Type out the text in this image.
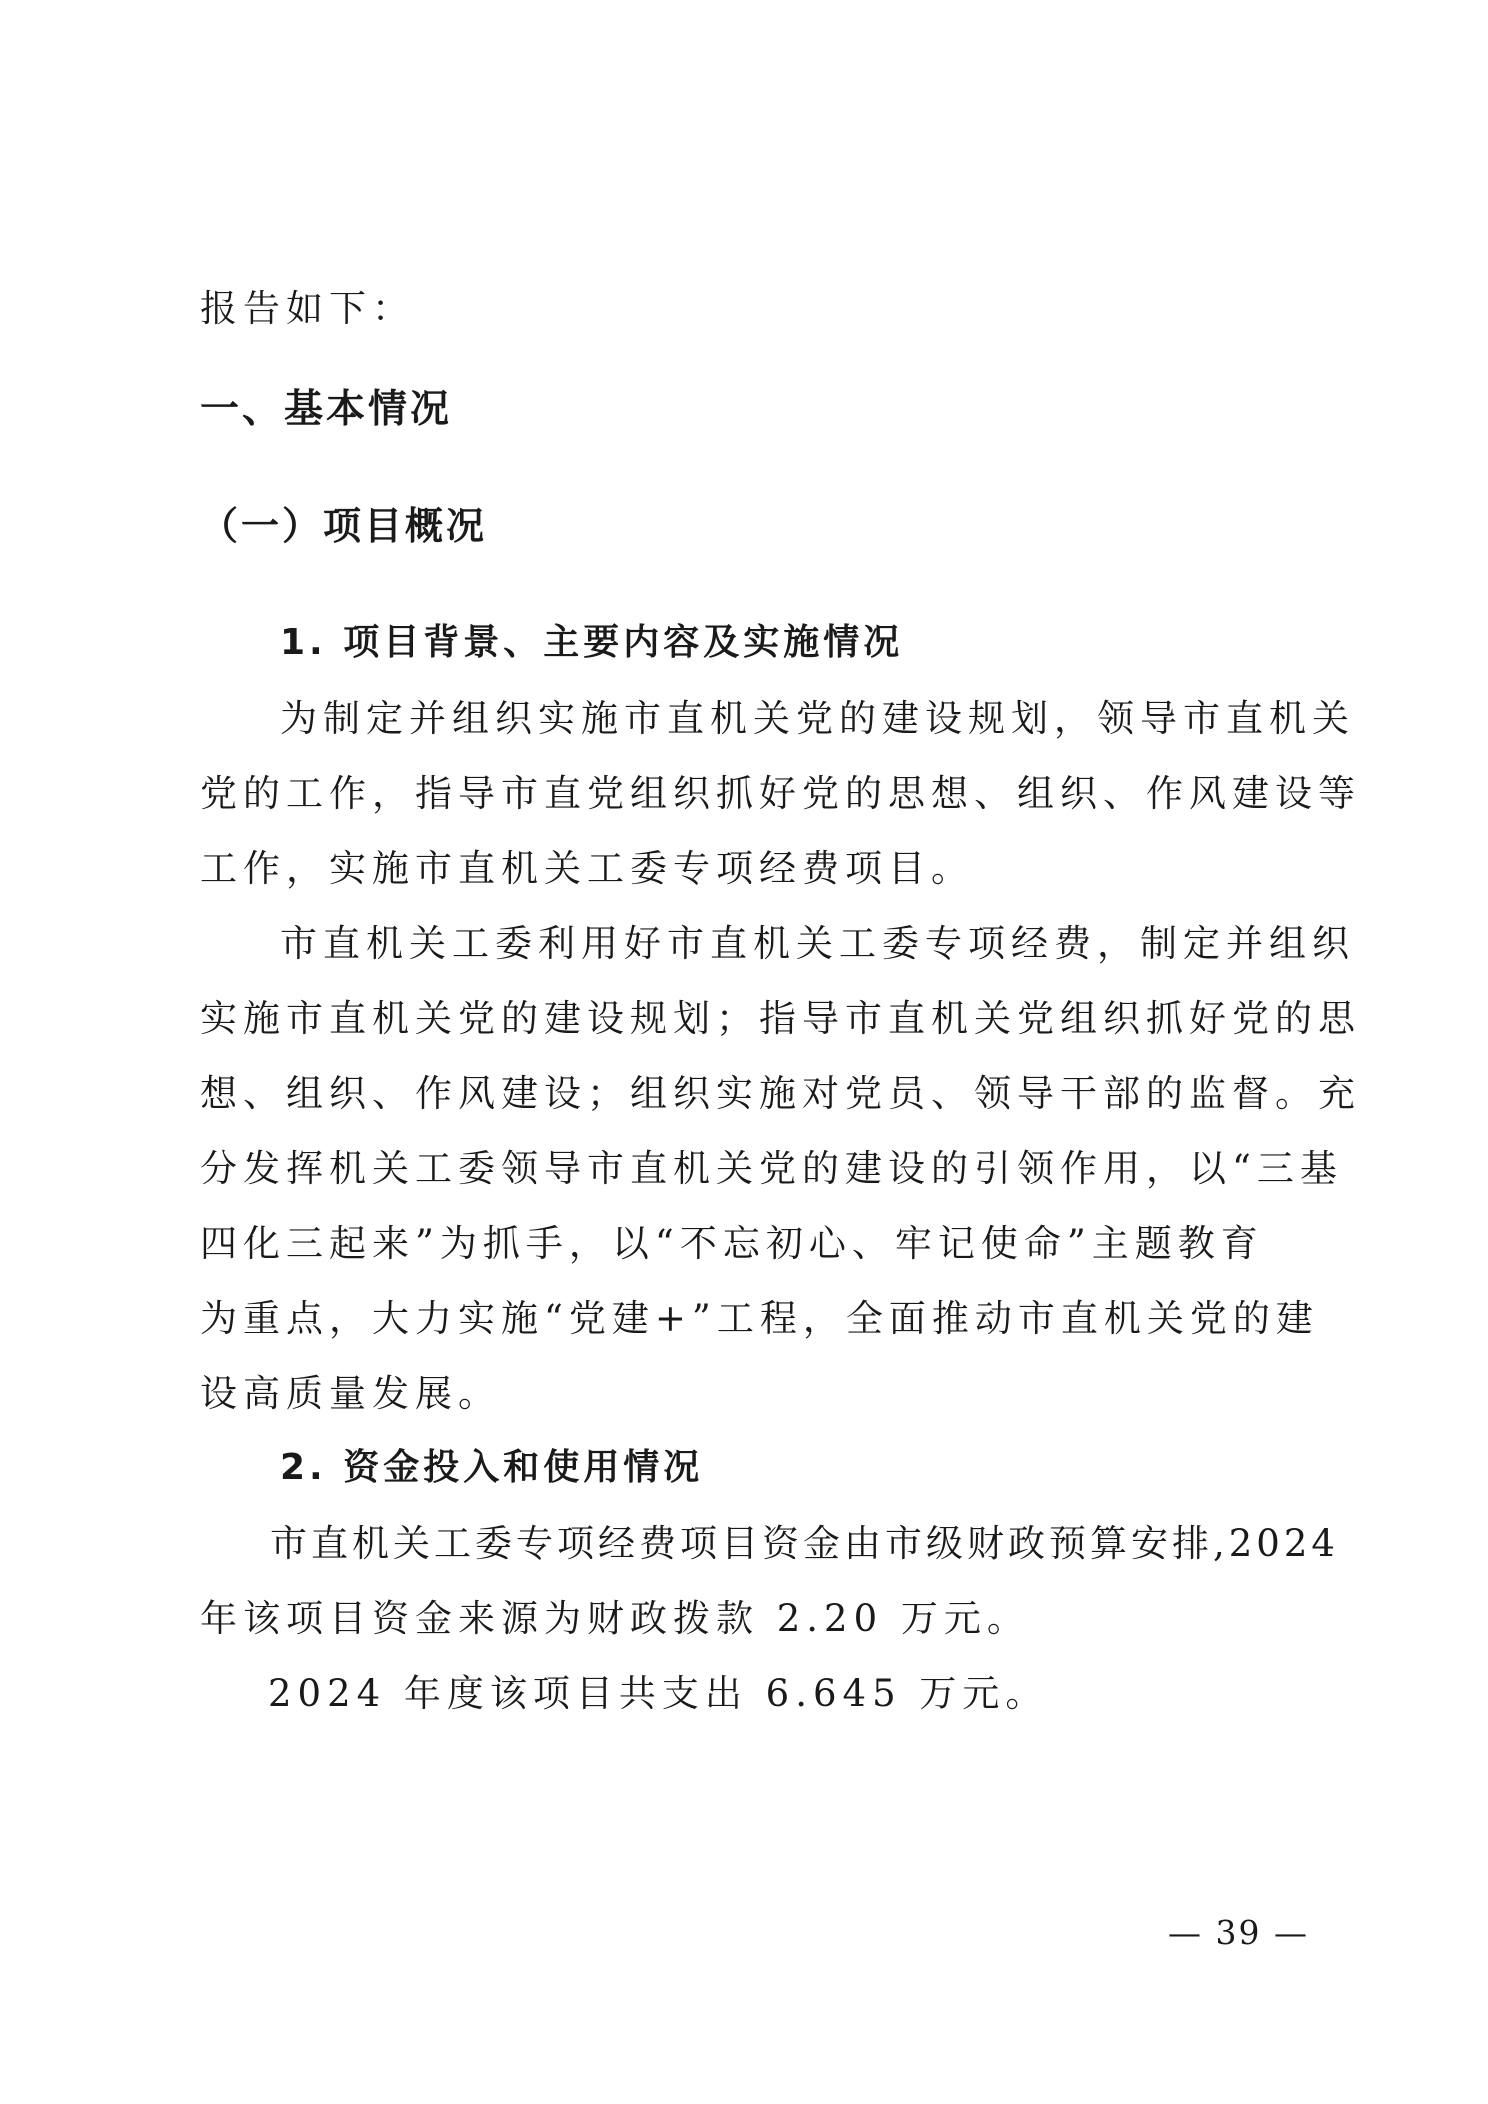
报告如下：
一、基本情况
（一）项目概况
1. 项目背景、主要内容及实施情况
为制定并组织实施市直机关党的建设规划，领导市直机关
党的工作，指导市直党组织抓好党的思想、组织、作风建设等
工作，实施市直机关工委专项经费项目。
市直机关工委利用好市直机关工委专项经费，制定并组织
实施市直机关党的建设规划；指导市直机关党组织抓好党的思
想、组织、作风建设；组织实施对党员、领导干部的监督。充
分发挥机关工委领导市直机关党的建设的引领作用，以“三基
四化三起来”为抓手，以“不忘初心、牢记使命”主题教育
为重点，大力实施“党建+”工程，全面推动市直机关党的建
设高质量发展。
2. 资金投入和使用情况
市直机关工委专项经费项目资金由市级财政预算安排,2024
年该项目资金来源为财政拨款 2.20 万元。
2024 年度该项目共支出 6.645 万元。
— 39 —
